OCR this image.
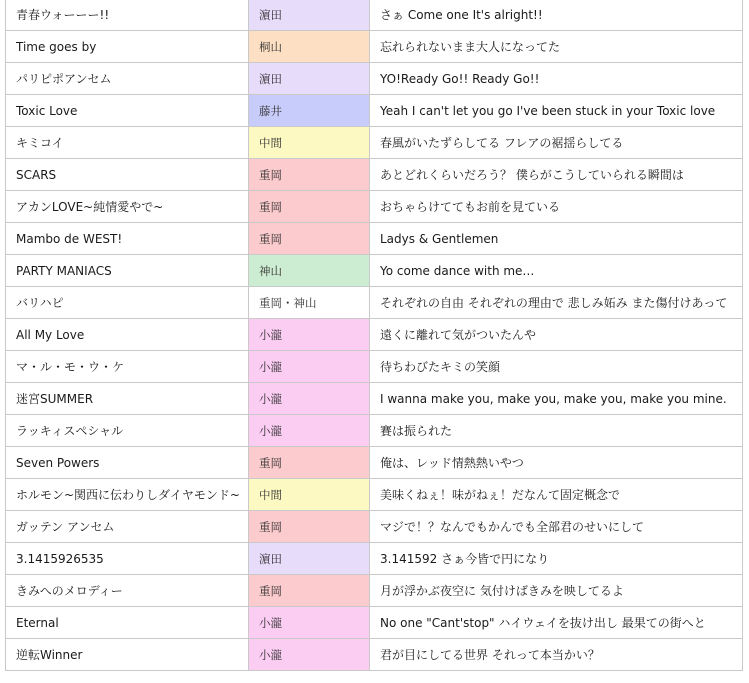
青春ウォーーー!!	濵田	さぁ Come one It's alright!!
Time goes by	桐山	忘れられないまま大人になってた
パリピポアンセム	濵田	YO!Ready Go!! Ready Go!!
Toxic Love	藤井	Yeah I can't let you go I've been stuck in your Toxic love
キミコイ	中間	春風がいたずらしてる フレアの裾揺らしてる
SCARS	重岡	あとどれくらいだろう？ 僕らがこうしていられる瞬間は
アカンLOVE~純情愛やで~	重岡	おちゃらけててもお前を見ている
Mambo de WEST!	重岡	Ladys & Gentlemen
PARTY MANIACS	神山	Yo come dance with me…
バリハピ	重岡・神山	それぞれの自由 それぞれの理由で 悲しみ妬み また傷付けあって
All My Love	小瀧	遠くに離れて気がついたんや
マ・ル・モ・ウ・ケ	小瀧	待ちわびたキミの笑顔
迷宮SUMMER	小瀧	I wanna make you, make you, make you, make you mine.
ラッキィスペシャル	小瀧	賽は振られた
Seven Powers	重岡	俺は、レッド情熱熱いやつ
ホルモン~関西に伝わりしダイヤモンド~	中間	美味くねぇ！味がねぇ！だなんて固定概念で
ガッテン アンセム	重岡	マジで！？なんでもかんでも全部君のせいにして
3.1415926535	濵田	3.141592 さぁ今皆で円になり
きみへのメロディー	重岡	月が浮かぶ夜空に 気付けばきみを映してるよ
Eternal	小瀧	No one "Cant'stop" ハイウェイを抜け出し 最果ての街へと
逆転Winner	小瀧	君が目にしてる世界 それって本当かい？
